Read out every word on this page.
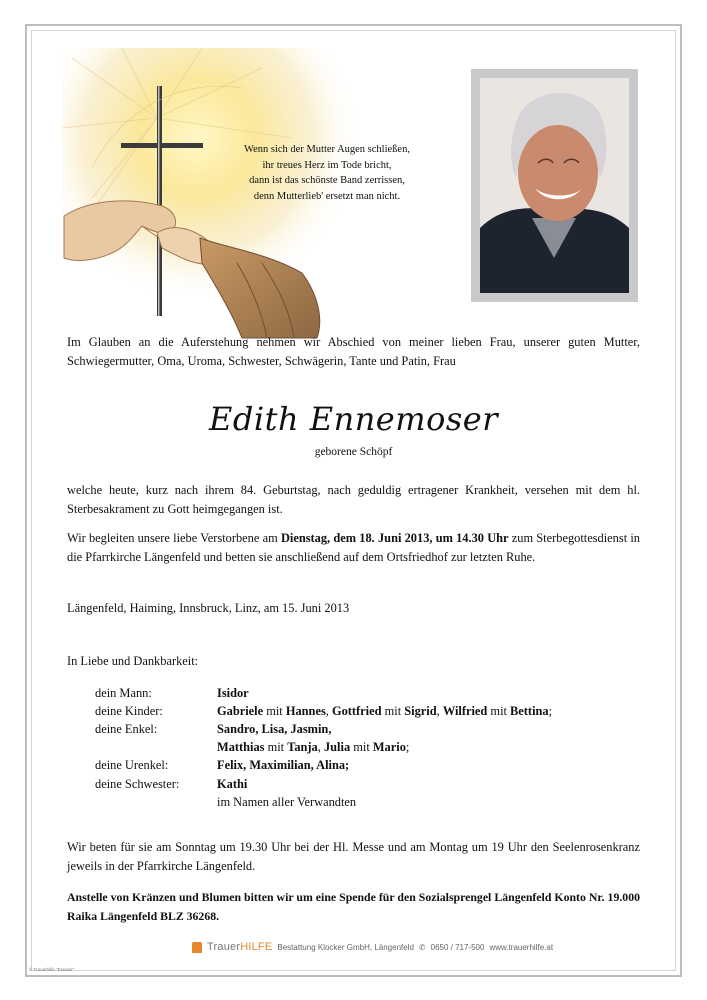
Wenn sich der Mutter Augen schließen,
ihr treues Herz im Tode bricht,
dann ist das schönste Band zerrissen,
denn Mutterlieb' ersetzt man nicht.
Im Glauben an die Auferstehung nehmen wir Abschied von meiner lieben Frau, unserer guten Mutter, Schwiegermutter, Oma, Uroma, Schwester, Schwägerin, Tante und Patin, Frau
Edith Ennemoser
geborene Schöpf
welche heute, kurz nach ihrem 84. Geburtstag, nach geduldig ertragener Krankheit, versehen mit dem hl. Sterbesakrament zu Gott heimgegangen ist.
Wir begleiten unsere liebe Verstorbene am Dienstag, dem 18. Juni 2013, um 14.30 Uhr zum Sterbegottesdienst in die Pfarrkirche Längenfeld und betten sie anschließend auf dem Ortsfriedhof zur letzten Ruhe.
Längenfeld, Haiming, Innsbruck, Linz, am 15. Juni 2013
In Liebe und Dankbarkeit:
dein Mann:	Isidor
deine Kinder:	Gabriele mit Hannes, Gottfried mit Sigrid, Wilfried mit Bettina;
deine Enkel:	Sandro, Lisa, Jasmin,
Matthias mit Tanja, Julia mit Mario;
deine Urenkel:	Felix, Maximilian, Alina;
deine Schwester:	Kathi
im Namen aller Verwandten
Wir beten für sie am Sonntag um 19.30 Uhr bei der Hl. Messe und am Montag um 19 Uhr den Seelenrosenkranz jeweils in der Pfarrkirche Längenfeld.
Anstelle von Kränzen und Blumen bitten wir um eine Spende für den Sozialsprengel Längenfeld Konto Nr. 19.000 Raika Längenfeld BLZ 36268.
TrauerHILFE Bestattung Klocker GmbH, Längenfeld ✆ 0650 / 717-500 www.trauerhilfe.at
© Trauerhilfe "Klocker"
